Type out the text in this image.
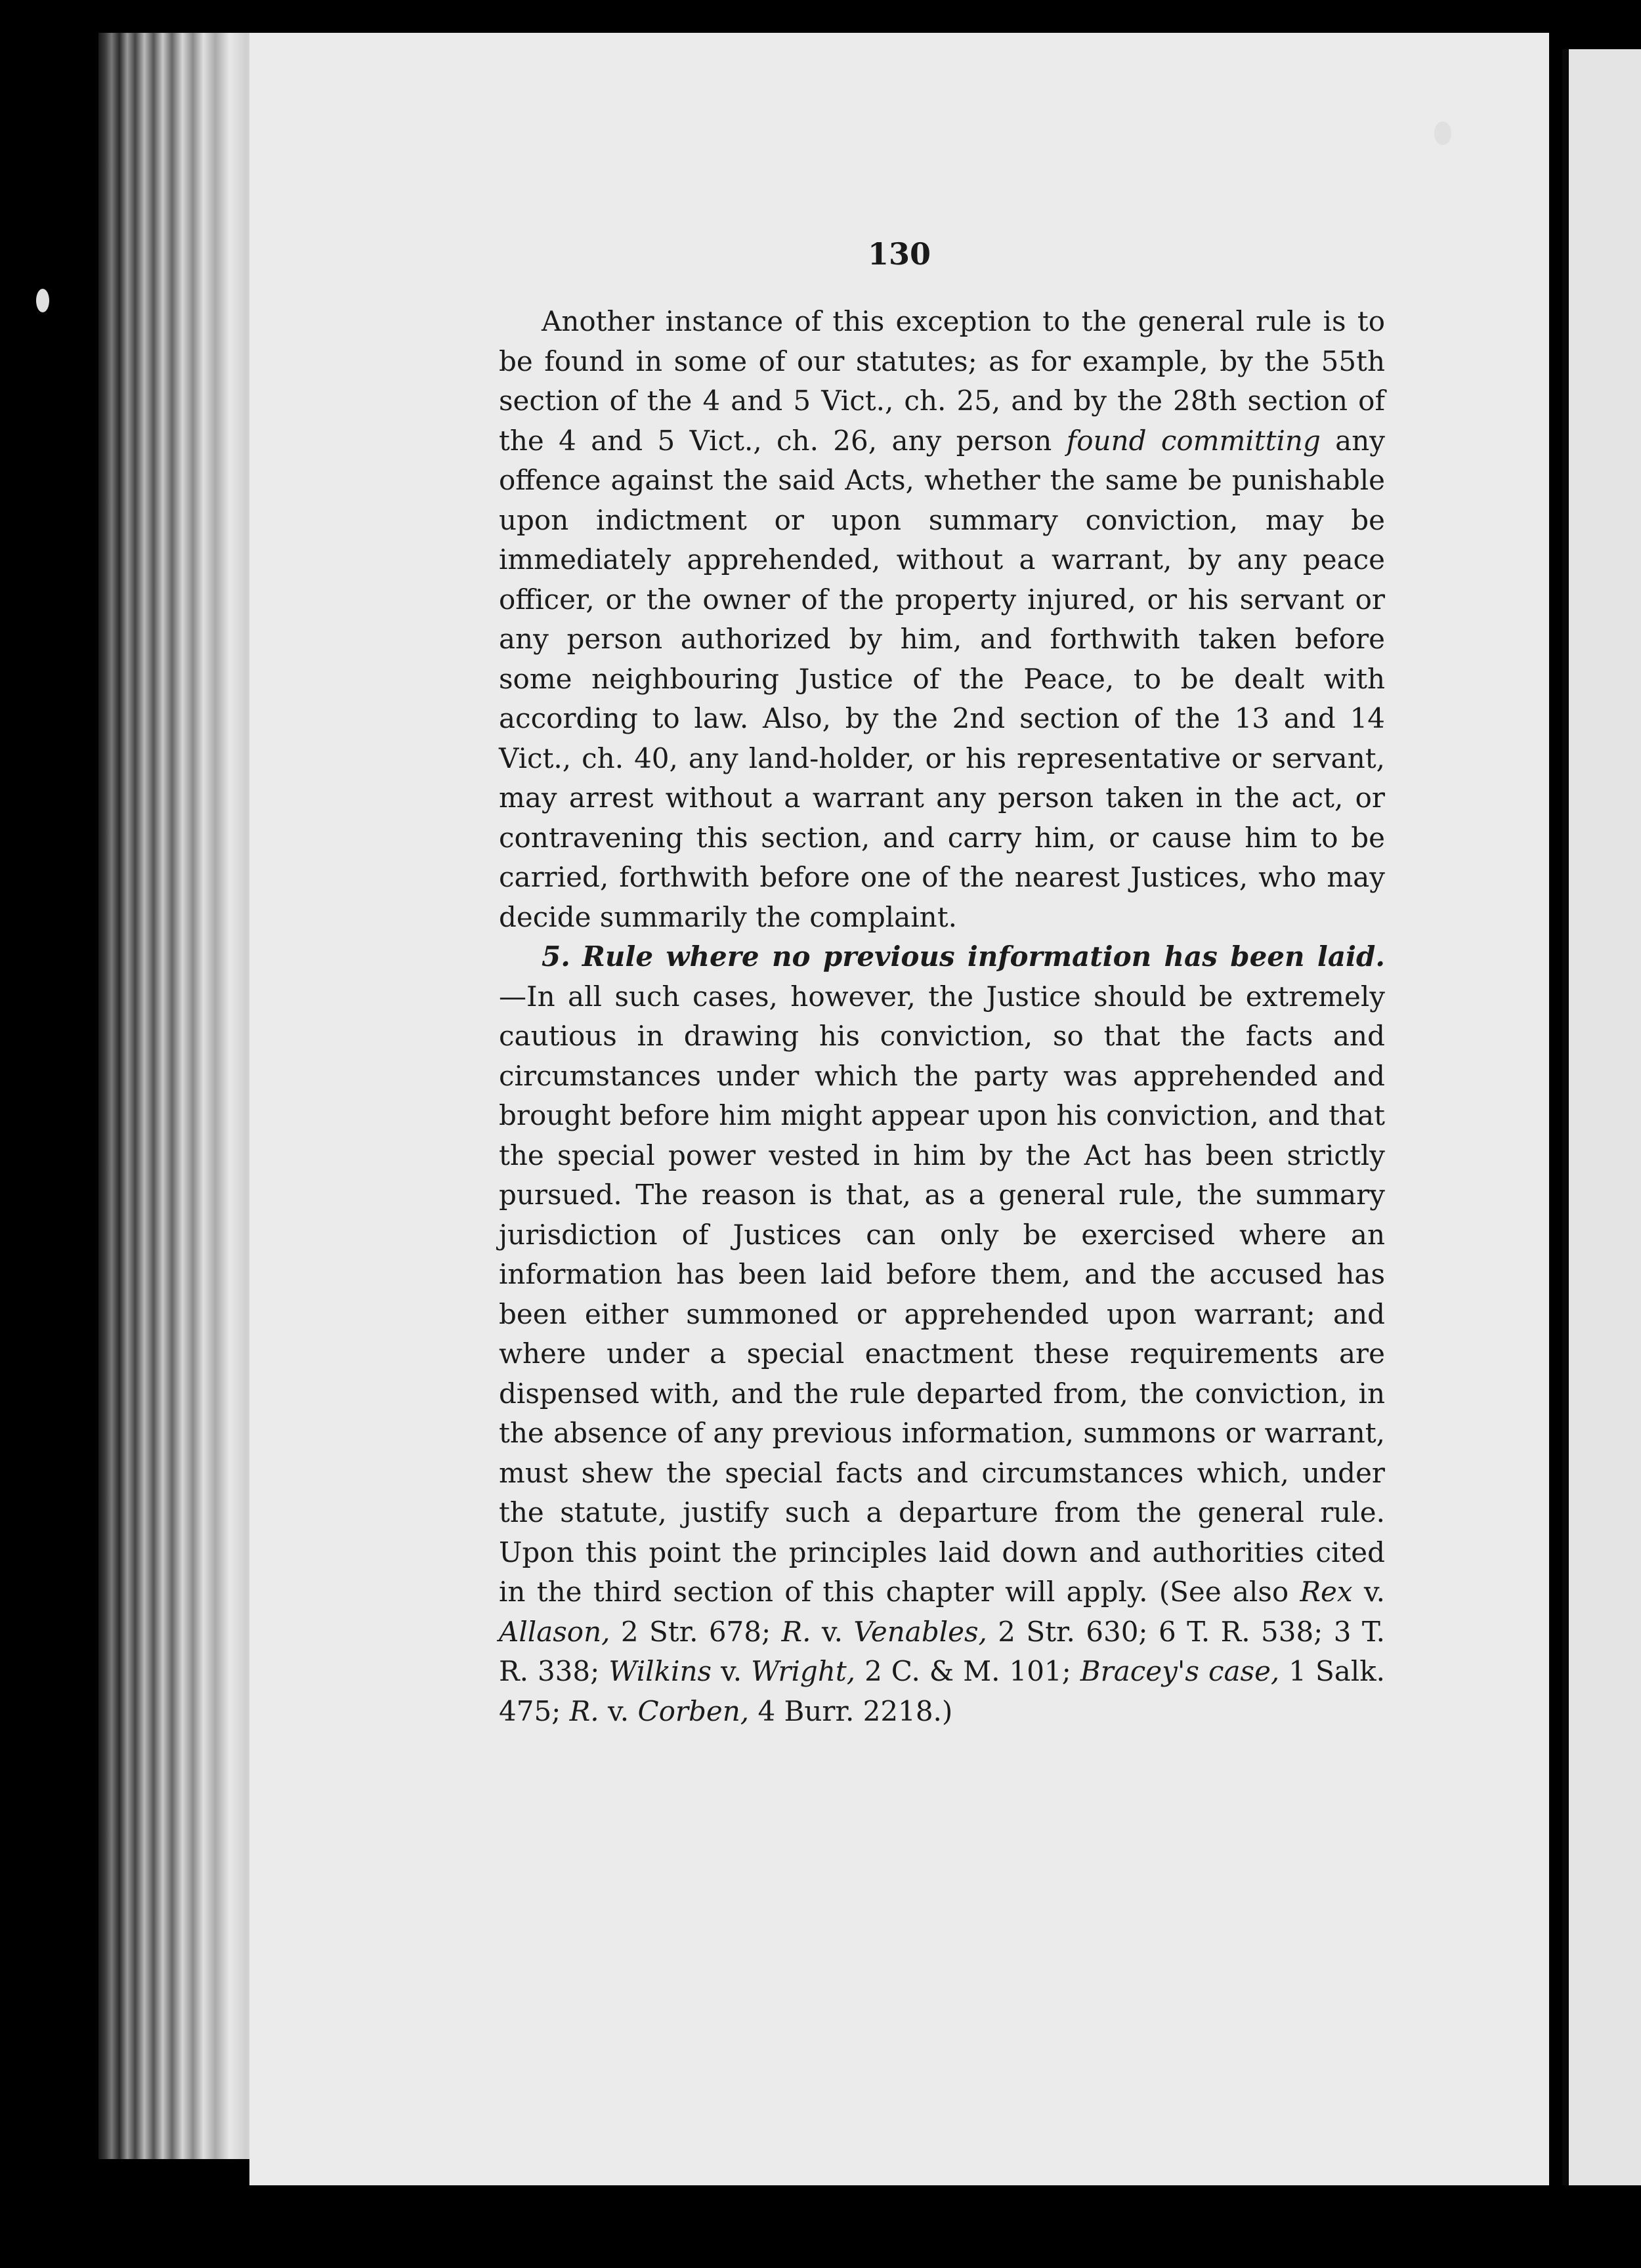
130

Another instance of this exception to the general rule is to be found in some of our statutes; as for example, by the 55th section of the 4 and 5 Vict., ch. 25, and by the 28th section of the 4 and 5 Vict., ch. 26, any person found committing any offence against the said Acts, whether the same be punishable upon indictment or upon summary conviction, may be immediately apprehended, without a warrant, by any peace officer, or the owner of the property injured, or his servant or any person authorized by him, and forthwith taken before some neighbouring Justice of the Peace, to be dealt with according to law. Also, by the 2nd section of the 13 and 14 Vict., ch. 40, any land-holder, or his representative or servant, may arrest without a warrant any person taken in the act, or contravening this section, and carry him, or cause him to be carried, forthwith before one of the nearest Justices, who may decide summarily the complaint.

5. Rule where no previous information has been laid.—In all such cases, however, the Justice should be extremely cautious in drawing his conviction, so that the facts and circumstances under which the party was apprehended and brought before him might appear upon his conviction, and that the special power vested in him by the Act has been strictly pursued. The reason is that, as a general rule, the summary jurisdiction of Justices can only be exercised where an information has been laid before them, and the accused has been either summoned or apprehended upon warrant; and where under a special enactment these requirements are dispensed with, and the rule departed from, the conviction, in the absence of any previous information, summons or warrant, must shew the special facts and circumstances which, under the statute, justify such a departure from the general rule. Upon this point the principles laid down and authorities cited in the third section of this chapter will apply. (See also Rex v. Allason, 2 Str. 678; R. v. Venables, 2 Str. 630; 6 T. R. 538; 3 T. R. 338; Wilkins v. Wright, 2 C. & M. 101; Bracey's case, 1 Salk. 475; R. v. Corben, 4 Burr. 2218.)
